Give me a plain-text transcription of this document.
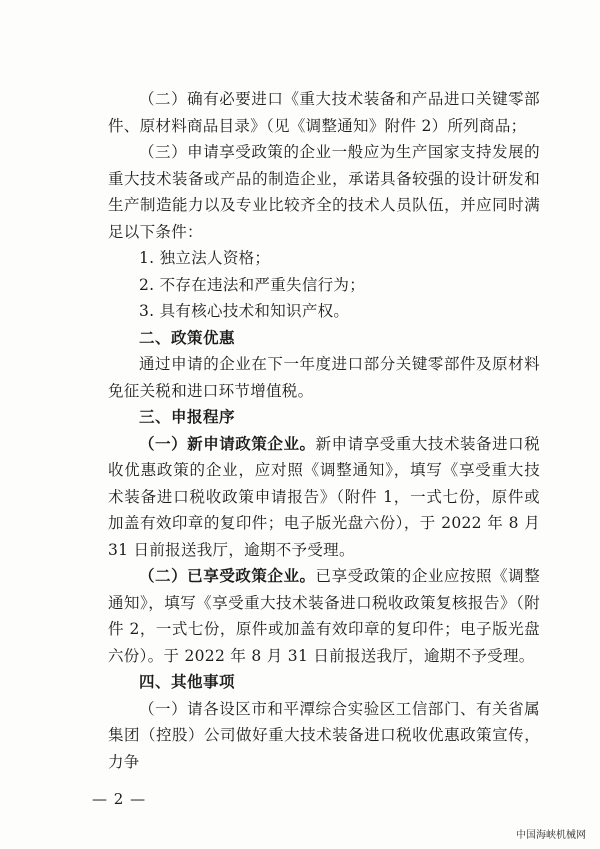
（二）确有必要进口《重大技术装备和产品进口关键零部件、原材料商品目录》（见《调整通知》附件 2）所列商品；

（三）申请享受政策的企业一般应为生产国家支持发展的重大技术装备或产品的制造企业，承诺具备较强的设计研发和生产制造能力以及专业比较齐全的技术人员队伍，并应同时满足以下条件：

1. 独立法人资格；

2. 不存在违法和严重失信行为；

3. 具有核心技术和知识产权。

二、政策优惠

通过申请的企业在下一年度进口部分关键零部件及原材料免征关税和进口环节增值税。

三、申报程序

（一）新申请政策企业。新申请享受重大技术装备进口税收优惠政策的企业，应对照《调整通知》，填写《享受重大技术装备进口税收政策申请报告》（附件 1，一式七份，原件或加盖有效印章的复印件；电子版光盘六份），于 2022 年 8 月 31 日前报送我厅，逾期不予受理。

（二）已享受政策企业。已享受政策的企业应按照《调整通知》，填写《享受重大技术装备进口税收政策复核报告》（附件 2，一式七份，原件或加盖有效印章的复印件；电子版光盘六份）。于 2022 年 8 月 31 日前报送我厅，逾期不予受理。

四、其他事项

（一）请各设区市和平潭综合实验区工信部门、有关省属集团（控股）公司做好重大技术装备进口税收优惠政策宣传，力争

— 2 —
中国海峡机械网
